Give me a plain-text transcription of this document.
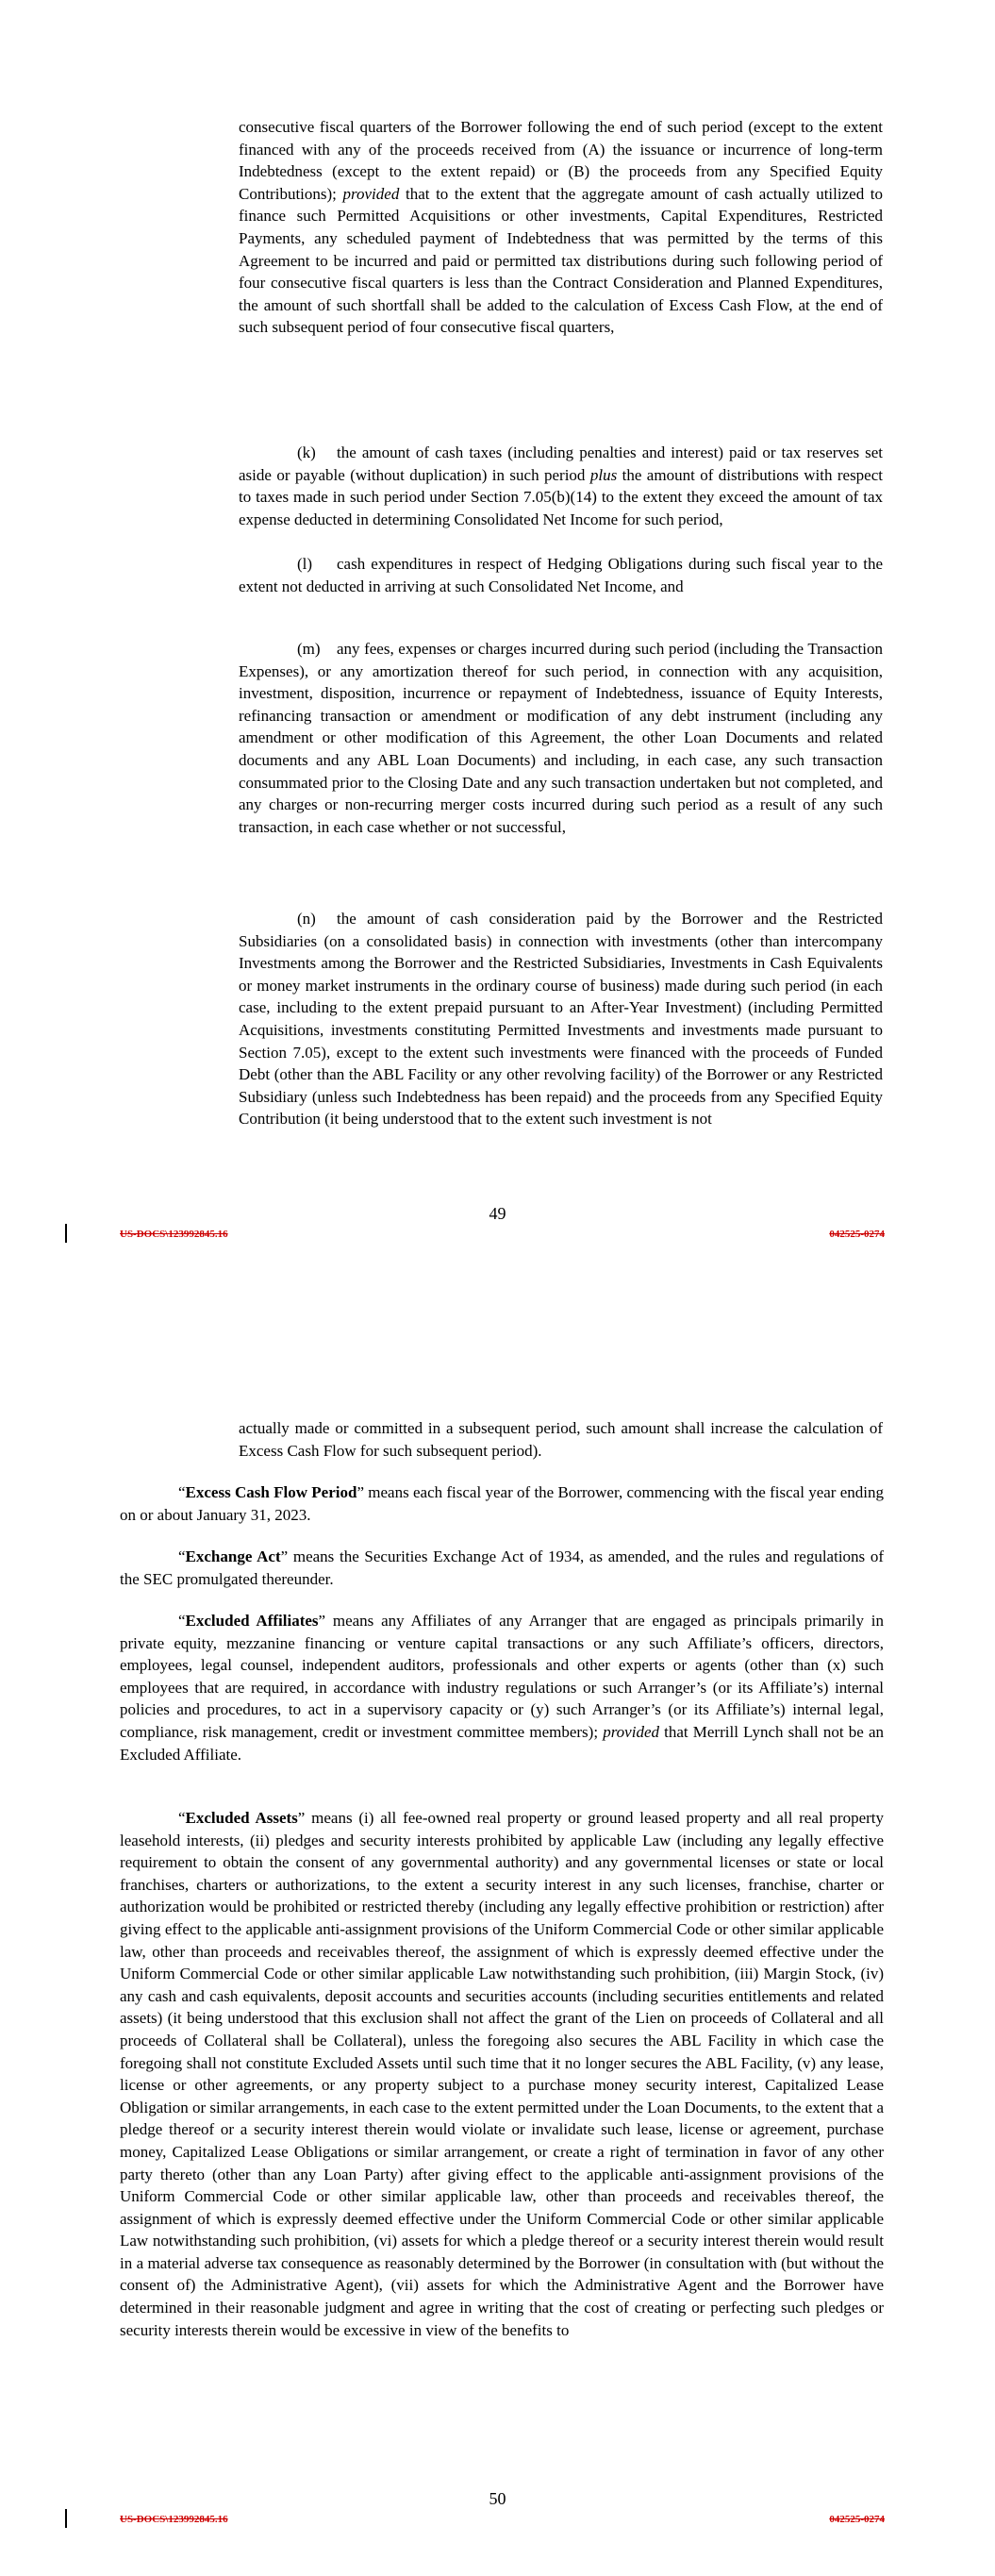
consecutive fiscal quarters of the Borrower following the end of such period (except to the extent financed with any of the proceeds received from (A) the issuance or incurrence of long-term Indebtedness (except to the extent repaid) or (B) the proceeds from any Specified Equity Contributions); provided that to the extent that the aggregate amount of cash actually utilized to finance such Permitted Acquisitions or other investments, Capital Expenditures, Restricted Payments, any scheduled payment of Indebtedness that was permitted by the terms of this Agreement to be incurred and paid or permitted tax distributions during such following period of four consecutive fiscal quarters is less than the Contract Consideration and Planned Expenditures, the amount of such shortfall shall be added to the calculation of Excess Cash Flow, at the end of such subsequent period of four consecutive fiscal quarters,

(k) the amount of cash taxes (including penalties and interest) paid or tax reserves set aside or payable (without duplication) in such period plus the amount of distributions with respect to taxes made in such period under Section 7.05(b)(14) to the extent they exceed the amount of tax expense deducted in determining Consolidated Net Income for such period,

(l) cash expenditures in respect of Hedging Obligations during such fiscal year to the extent not deducted in arriving at such Consolidated Net Income, and

(m) any fees, expenses or charges incurred during such period (including the Transaction Expenses), or any amortization thereof for such period, in connection with any acquisition, investment, disposition, incurrence or repayment of Indebtedness, issuance of Equity Interests, refinancing transaction or amendment or modification of any debt instrument (including any amendment or other modification of this Agreement, the other Loan Documents and related documents and any ABL Loan Documents) and including, in each case, any such transaction consummated prior to the Closing Date and any such transaction undertaken but not completed, and any charges or non-recurring merger costs incurred during such period as a result of any such transaction, in each case whether or not successful,

(n) the amount of cash consideration paid by the Borrower and the Restricted Subsidiaries (on a consolidated basis) in connection with investments (other than intercompany Investments among the Borrower and the Restricted Subsidiaries, Investments in Cash Equivalents or money market instruments in the ordinary course of business) made during such period (in each case, including to the extent prepaid pursuant to an After-Year Investment) (including Permitted Acquisitions, investments constituting Permitted Investments and investments made pursuant to Section 7.05), except to the extent such investments were financed with the proceeds of Funded Debt (other than the ABL Facility or any other revolving facility) of the Borrower or any Restricted Subsidiary (unless such Indebtedness has been repaid) and the proceeds from any Specified Equity Contribution (it being understood that to the extent such investment is not

49
US-DOCS\123992845.16	042525-0274

actually made or committed in a subsequent period, such amount shall increase the calculation of Excess Cash Flow for such subsequent period).

“Excess Cash Flow Period” means each fiscal year of the Borrower, commencing with the fiscal year ending on or about January 31, 2023.

“Exchange Act” means the Securities Exchange Act of 1934, as amended, and the rules and regulations of the SEC promulgated thereunder.

“Excluded Affiliates” means any Affiliates of any Arranger that are engaged as principals primarily in private equity, mezzanine financing or venture capital transactions or any such Affiliate’s officers, directors, employees, legal counsel, independent auditors, professionals and other experts or agents (other than (x) such employees that are required, in accordance with industry regulations or such Arranger’s (or its Affiliate’s) internal policies and procedures, to act in a supervisory capacity or (y) such Arranger’s (or its Affiliate’s) internal legal, compliance, risk management, credit or investment committee members); provided that Merrill Lynch shall not be an Excluded Affiliate.

“Excluded Assets” means (i) all fee-owned real property or ground leased property and all real property leasehold interests, (ii) pledges and security interests prohibited by applicable Law (including any legally effective requirement to obtain the consent of any governmental authority) and any governmental licenses or state or local franchises, charters or authorizations, to the extent a security interest in any such licenses, franchise, charter or authorization would be prohibited or restricted thereby (including any legally effective prohibition or restriction) after giving effect to the applicable anti-assignment provisions of the Uniform Commercial Code or other similar applicable law, other than proceeds and receivables thereof, the assignment of which is expressly deemed effective under the Uniform Commercial Code or other similar applicable Law notwithstanding such prohibition, (iii) Margin Stock, (iv) any cash and cash equivalents, deposit accounts and securities accounts (including securities entitlements and related assets) (it being understood that this exclusion shall not affect the grant of the Lien on proceeds of Collateral and all proceeds of Collateral shall be Collateral), unless the foregoing also secures the ABL Facility in which case the foregoing shall not constitute Excluded Assets until such time that it no longer secures the ABL Facility, (v) any lease, license or other agreements, or any property subject to a purchase money security interest, Capitalized Lease Obligation or similar arrangements, in each case to the extent permitted under the Loan Documents, to the extent that a pledge thereof or a security interest therein would violate or invalidate such lease, license or agreement, purchase money, Capitalized Lease Obligations or similar arrangement, or create a right of termination in favor of any other party thereto (other than any Loan Party) after giving effect to the applicable anti-assignment provisions of the Uniform Commercial Code or other similar applicable law, other than proceeds and receivables thereof, the assignment of which is expressly deemed effective under the Uniform Commercial Code or other similar applicable Law notwithstanding such prohibition, (vi) assets for which a pledge thereof or a security interest therein would result in a material adverse tax consequence as reasonably determined by the Borrower (in consultation with (but without the consent of) the Administrative Agent), (vii) assets for which the Administrative Agent and the Borrower have determined in their reasonable judgment and agree in writing that the cost of creating or perfecting such pledges or security interests therein would be excessive in view of the benefits to

50
US-DOCS\123992845.16	042525-0274
